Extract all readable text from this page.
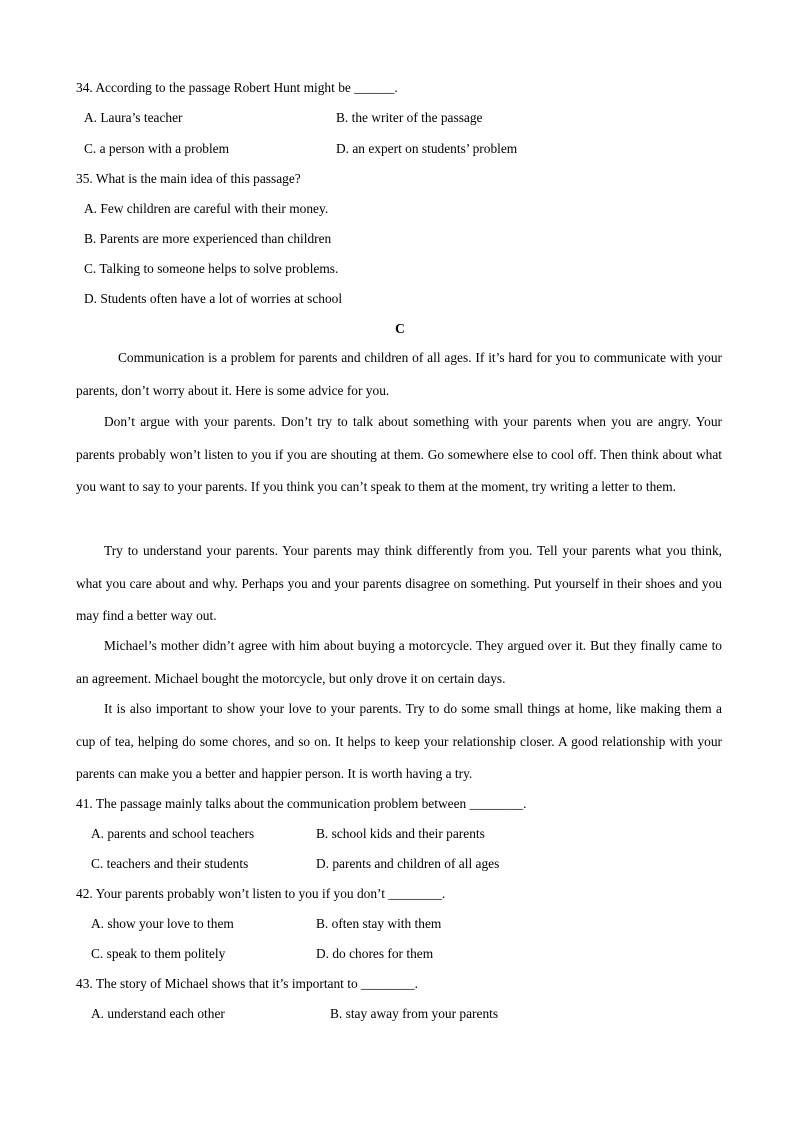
34. According to the passage Robert Hunt might be ______.
A. Laura’s teacher	B. the writer of the passage
C. a person with a problem	D. an expert on students’ problem
35. What is the main idea of this passage?
A. Few children are careful with their money.
B. Parents are more experienced than children
C. Talking to someone helps to solve problems.
D. Students often have a lot of worries at school
C

Communication is a problem for parents and children of all ages. If it’s hard for you to communicate with your parents, don’t worry about it. Here is some advice for you.

Don’t argue with your parents. Don’t try to talk about something with your parents when you are angry. Your parents probably won’t listen to you if you are shouting at them. Go somewhere else to cool off. Then think about what you want to say to your parents. If you think you can’t speak to them at the moment, try writing a letter to them.

Try to understand your parents. Your parents may think differently from you. Tell your parents what you think, what you care about and why. Perhaps you and your parents disagree on something. Put yourself in their shoes and you may find a better way out.

Michael’s mother didn’t agree with him about buying a motorcycle. They argued over it. But they finally came to an agreement. Michael bought the motorcycle, but only drove it on certain days.

It is also important to show your love to your parents. Try to do some small things at home, like making them a cup of tea, helping do some chores, and so on. It helps to keep your relationship closer. A good relationship with your parents can make you a better and happier person. It is worth having a try.

41. The passage mainly talks about the communication problem between ________.
A. parents and school teachers	B. school kids and their parents
C. teachers and their students	D. parents and children of all ages
42. Your parents probably won’t listen to you if you don’t ________.
A. show your love to them	B. often stay with them
C. speak to them politely	D. do chores for them
43. The story of Michael shows that it’s important to ________.
A. understand each other	B. stay away from your parents
